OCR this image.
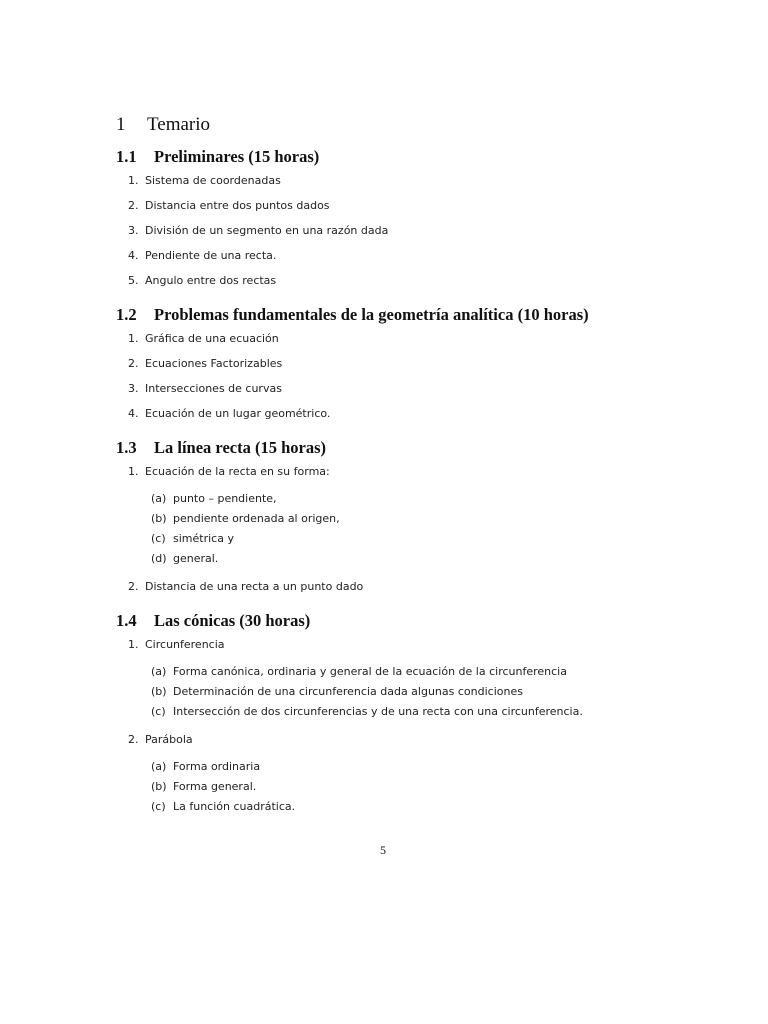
1 Temario
1.1 Preliminares (15 horas)
1. Sistema de coordenadas
2. Distancia entre dos puntos dados
3. División de un segmento en una razón dada
4. Pendiente de una recta.
5. Angulo entre dos rectas
1.2 Problemas fundamentales de la geometría analítica (10 horas)
1. Gráfica de una ecuación
2. Ecuaciones Factorizables
3. Intersecciones de curvas
4. Ecuación de un lugar geométrico.
1.3 La línea recta (15 horas)
1. Ecuación de la recta en su forma:
(a) punto – pendiente,
(b) pendiente ordenada al origen,
(c) simétrica y
(d) general.
2. Distancia de una recta a un punto dado
1.4 Las cónicas (30 horas)
1. Circunferencia
(a) Forma canónica, ordinaria y general de la ecuación de la circunferencia
(b) Determinación de una circunferencia dada algunas condiciones
(c) Intersección de dos circunferencias y de una recta con una circunferencia.
2. Parábola
(a) Forma ordinaria
(b) Forma general.
(c) La función cuadrática.
5
